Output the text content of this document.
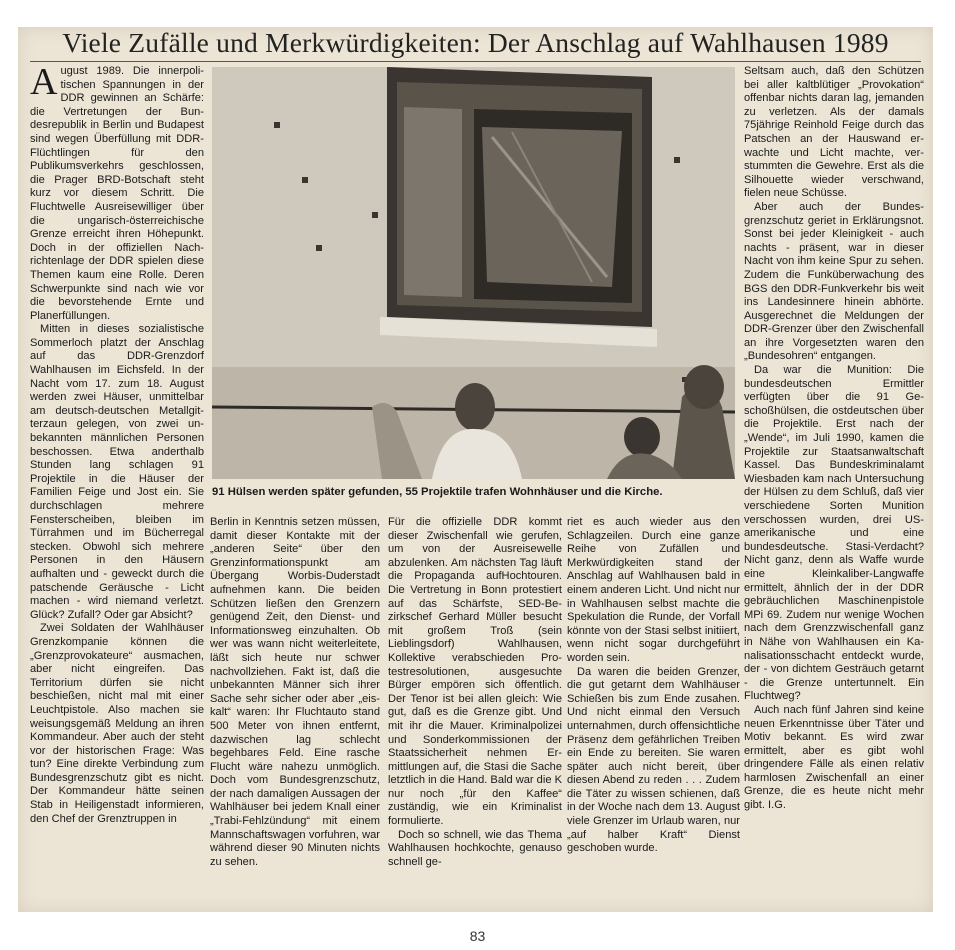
Viele Zufälle und Merkwürdigkeiten: Der Anschlag auf Wahlhausen 1989
A ugust 1989. Die innerpolitischen Spannungen in der DDR gewinnen an Schärfe: die Vertretungen der Bundesrepublik in Berlin und Budapest sind wegen Überfüllung mit DDR-Flüchtlingen für den Publikumsverkehrs geschlossen, die Prager BRD-Botschaft steht kurz vor diesem Schritt. Die Fluchtwelle Ausreisewilliger über die ungarisch-österreichische Grenze erreicht ihren Höhepunkt. Doch in der offiziellen Nachrichtenlage der DDR spielen diese Themen kaum eine Rolle. Deren Schwerpunkte sind nach wie vor die bevorstehende Ernte und Planerfüllungen.

Mitten in dieses sozialistische Sommerloch platzt der Anschlag auf das DDR-Grenzdorf Wahlhausen im Eichsfeld. In der Nacht vom 17. zum 18. August werden zwei Häuser, unmittelbar am deutsch-deutschen Metallgitterzaun gelegen, von zwei unbekannten männlichen Personen beschossen. Etwa anderthalb Stunden lang schlagen 91 Projektile in die Häuser der Familien Feige und Jost ein. Sie durchschlagen mehrere Fensterscheiben, bleiben im Türrahmen und im Bücherregal stecken. Obwohl sich mehrere Personen in den Häusern aufhalten und - geweckt durch die patschende Geräusche - Licht machen - wird niemand verletzt. Glück? Zufall? Oder gar Absicht?

Zwei Soldaten der Wahlhäuser Grenzkompanie können die „Grenzprovokateure“ ausmachen, aber nicht eingreifen. Das Territorium dürfen sie nicht beschießen, nicht mal mit einer Leuchtpistole. Also machen sie weisungsgemäß Meldung an ihren Kommandeur. Aber auch der steht vor der historischen Frage: Was tun? Eine direkte Verbindung zum Bundesgrenzschutz gibt es nicht. Der Kommandeur hätte seinen Stab in Heiligenstadt informieren, den Chef der Grenztruppen in

91 Hülsen werden später gefunden, 55 Projektile trafen Wohnhäuser und die Kirche.

Berlin in Kenntnis setzen müssen, damit dieser Kontakte mit der „anderen Seite“ über den Grenzinformationspunkt am Übergang Worbis-Duderstadt aufnehmen kann. Die beiden Schützen ließen den Grenzern genügend Zeit, den Dienst- und Informationsweg einzuhalten. Ob wer was wann nicht weiterleitete, läßt sich heute nur schwer nachvollziehen. Fakt ist, daß die unbekannten Männer sich ihrer Sache sehr sicher oder aber „eiskalt“ waren: Ihr Fluchtauto stand 500 Meter von ihnen entfernt, dazwischen lag schlecht begehbares Feld. Eine rasche Flucht wäre nahezu unmöglich. Doch vom Bundesgrenzschutz, der nach damaligen Aussagen der Wahlhäuser bei jedem Knall einer „Trabi-Fehlzündung“ mit einem Mannschaftswagen vorfuhren, war während dieser 90 Minuten nichts zu sehen.

Für die offizielle DDR kommt dieser Zwischenfall wie gerufen, um von der Ausreisewelle abzulenken. Am nächsten Tag läuft die Propaganda aufHochtouren. Die Vertretung in Bonn protestiert auf das Schärfste, SED-Bezirkschef Gerhard Müller besucht mit großem Troß (sein Lieblingsdorf) Wahlhausen, Kollektive verabschieden Protestresolutionen, ausgesuchte Bürger empören sich öffentlich. Der Tenor ist bei allen gleich: Wie gut, daß es die Grenze gibt. Und mit ihr die Mauer. Kriminalpolizei und Sonderkommissionen der Staatssicherheit nehmen Ermittlungen auf, die Stasi die Sache letztlich in die Hand. Bald war die K nur noch „für den Kaffee“ zuständig, wie ein Kriminalist formulierte.

Doch so schnell, wie das Thema Wahlhausen hochkochte, genauso schnell ge-

riet es auch wieder aus den Schlagzeilen. Durch eine ganze Reihe von Zufällen und Merkwürdigkeiten stand der Anschlag auf Wahlhausen bald in einem anderen Licht. Und nicht nur in Wahlhausen selbst machte die Spekulation die Runde, der Vorfall könnte von der Stasi selbst initiiert, wenn nicht sogar durchgeführt worden sein.

Da waren die beiden Grenzer, die gut getarnt dem Wahlhäuser Schießen bis zum Ende zusahen. Und nicht einmal den Versuch unternahmen, durch offensichtliche Präsenz dem gefährlichen Treiben ein Ende zu bereiten. Sie waren später auch nicht bereit, über diesen Abend zu reden . . . Zudem die Täter zu wissen schienen, daß in der Woche nach dem 13. August viele Grenzer im Urlaub waren, nur „auf halber Kraft“ Dienst geschoben wurde.

Seltsam auch, daß den Schützen bei aller kaltblütiger „Provokation“ offenbar nichts daran lag, jemanden zu verletzen. Als der damals 75jährige Reinhold Feige durch das Patschen an der Hauswand erwachte und Licht machte, verstummten die Gewehre. Erst als die Silhouette wieder verschwand, fielen neue Schüsse.

Aber auch der Bundesgrenzschutz geriet in Erklärungsnot. Sonst bei jeder Kleinigkeit - auch nachts - präsent, war in dieser Nacht von ihm keine Spur zu sehen. Zudem die Funküberwachung des BGS den DDR-Funkverkehr bis weit ins Landesinnere hinein abhörte. Ausgerechnet die Meldungen der DDR-Grenzer über den Zwischenfall an ihre Vorgesetzten waren den „Bundesohren“ entgangen.

Da war die Munition: Die bundesdeutschen Ermittler verfügten über die 91 Geschoßhülsen, die ostdeutschen über die Projektile. Erst nach der „Wende“, im Juli 1990, kamen die Projektile zur Staatsanwaltschaft Kassel. Das Bundeskriminalamt Wiesbaden kam nach Untersuchung der Hülsen zu dem Schluß, daß vier verschiedene Sorten Munition verschossen wurden, drei US-amerikanische und eine bundesdeutsche. Stasi-Verdacht? Nicht ganz, denn als Waffe wurde eine Kleinkaliber-Langwaffe ermittelt, ähnlich der in der DDR gebräuchlichen Maschinenpistole MPi 69. Zudem nur wenige Wochen nach dem Grenzzwischenfall ganz in Nähe von Wahlhausen ein Kanalisationsschacht entdeckt wurde, der - von dichtem Gesträuch getarnt - die Grenze untertunnelt. Ein Fluchtweg?

Auch nach fünf Jahren sind keine neuen Erkenntnisse über Täter und Motiv bekannt. Es wird zwar ermittelt, aber es gibt wohl dringendere Fälle als einen relativ harmlosen Zwischenfall an einer Grenze, die es heute nicht mehr gibt. I.G.

83
